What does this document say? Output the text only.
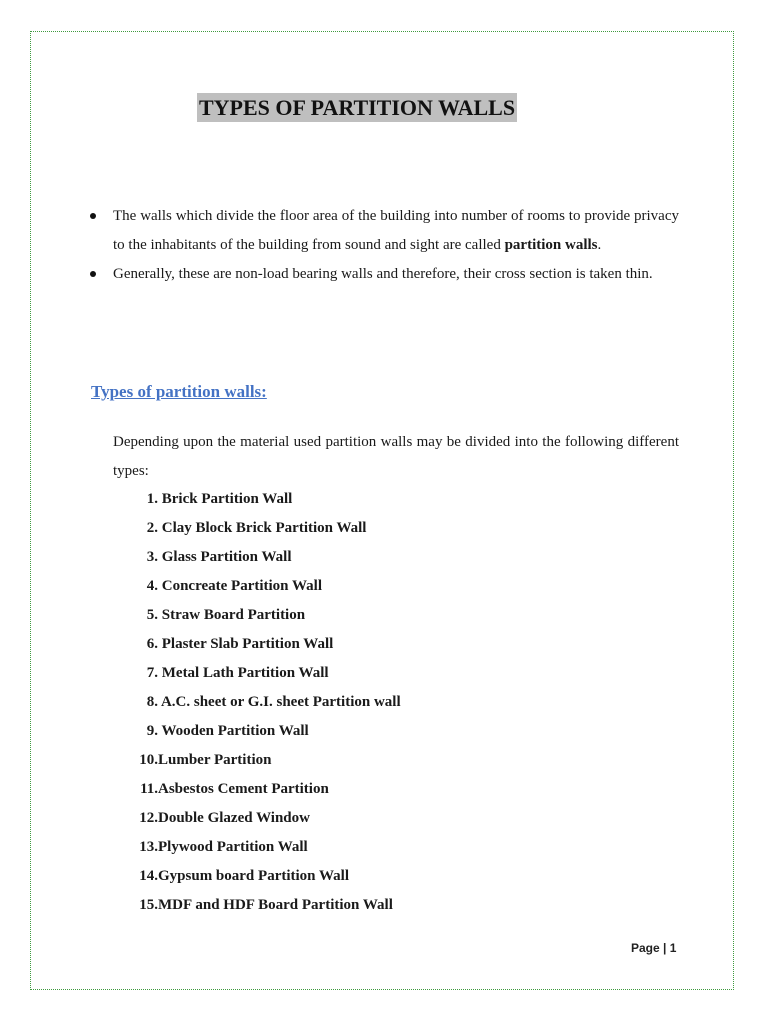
TYPES OF PARTITION WALLS
The walls which divide the floor area of the building into number of rooms to provide privacy to the inhabitants of the building from sound and sight are called partition walls.
Generally, these are non-load bearing walls and therefore, their cross section is taken thin.
Types of partition walls:

Depending upon the material used partition walls may be divided into the following different types:

1. Brick Partition Wall
2. Clay Block Brick Partition Wall
3. Glass Partition Wall
4. Concreate Partition Wall
5. Straw Board Partition
6. Plaster Slab Partition Wall
7. Metal Lath Partition Wall
8. A.C. sheet or G.I. sheet Partition wall
9. Wooden Partition Wall
10.Lumber Partition
11.Asbestos Cement Partition
12.Double Glazed Window
13.Plywood Partition Wall
14.Gypsum board Partition Wall
15.MDF and HDF Board Partition Wall
Page | 1
